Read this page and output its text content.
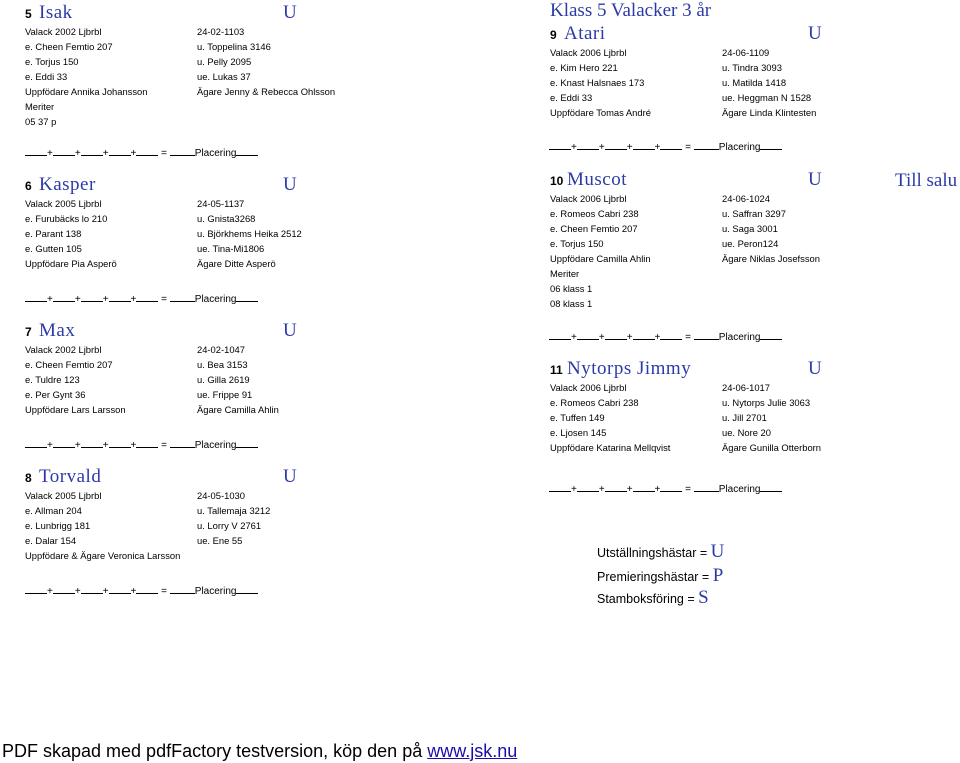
Klass 5 Valacker 3 år
Till salu
5 Isak	U
Valack 2002 Ljbrbl	24-02-1103
e. Cheen Femtio 207	u. Toppelina 3146
e. Torjus 150	u. Pelly 2095
e. Eddi 33	ue. Lukas 37
Uppfödare Annika Johansson	Ägare Jenny & Rebecca Ohlsson
Meriter
05 37 p
6 Kasper	U
Valack 2005 Ljbrbl	24-05-1137
e. Furubäcks lo 210	u. Gnista3268
e. Parant 138	u. Björkhems Heika 2512
e. Gutten 105	ue. Tina-Mi1806
Uppfödare Pia Asperö	Ägare Ditte Asperö
7 Max	U
Valack 2002 Ljbrbl	24-02-1047
e. Cheen Femtio 207	u. Bea 3153
e. Tuldre 123	u. Gilla 2619
e. Per Gynt 36	ue. Frippe 91
Uppfödare Lars Larsson	Ägare Camilla Ahlin
8 Torvald	U
Valack 2005 Ljbrbl	24-05-1030
e. Allman 204	u. Tallemaja 3212
e. Lunbrigg 181	u. Lorry V 2761
e. Dalar 154	ue. Ene 55
Uppfödare & Ägare Veronica Larsson
9 Atari	U
Valack 2006 Ljbrbl	24-06-1109
e. Kim Hero 221	u. Tindra 3093
e. Knast Halsnaes 173	u. Matilda 1418
e. Eddi 33	ue. Heggman N 1528
Uppfödare Tomas André	Ägare Linda Klintesten
10 Muscot	U
Valack 2006 Ljbrbl	24-06-1024
e. Romeos Cabri 238	u. Saffran 3297
e. Cheen Femtio 207	u. Saga 3001
e. Torjus 150	ue. Peron124
Uppfödare Camilla Ahlin	Ägare Niklas Josefsson
Meriter
06 klass 1
08 klass 1
11 Nytorps Jimmy	U
Valack 2006 Ljbrbl	24-06-1017
e. Romeos Cabri 238	u. Nytorps Julie 3063
e. Tuffen 149	u. Jill 2701
e. Ljosen 145	ue. Nore 20
Uppfödare Katarina Mellqvist	Ägare Gunilla Otterborn
+ + + + =	Placering
+ + + + =	Placering
+ + + + =	Placering
+ + + + =	Placering
+ + + + =	Placering
+ + + + =	Placering
+ + + + =	Placering
Utställningshästar = U
Premieringshästar = P
Stamboksföring = S
PDF skapad med pdfFactory testversion, köp den på www.jsk.nu
